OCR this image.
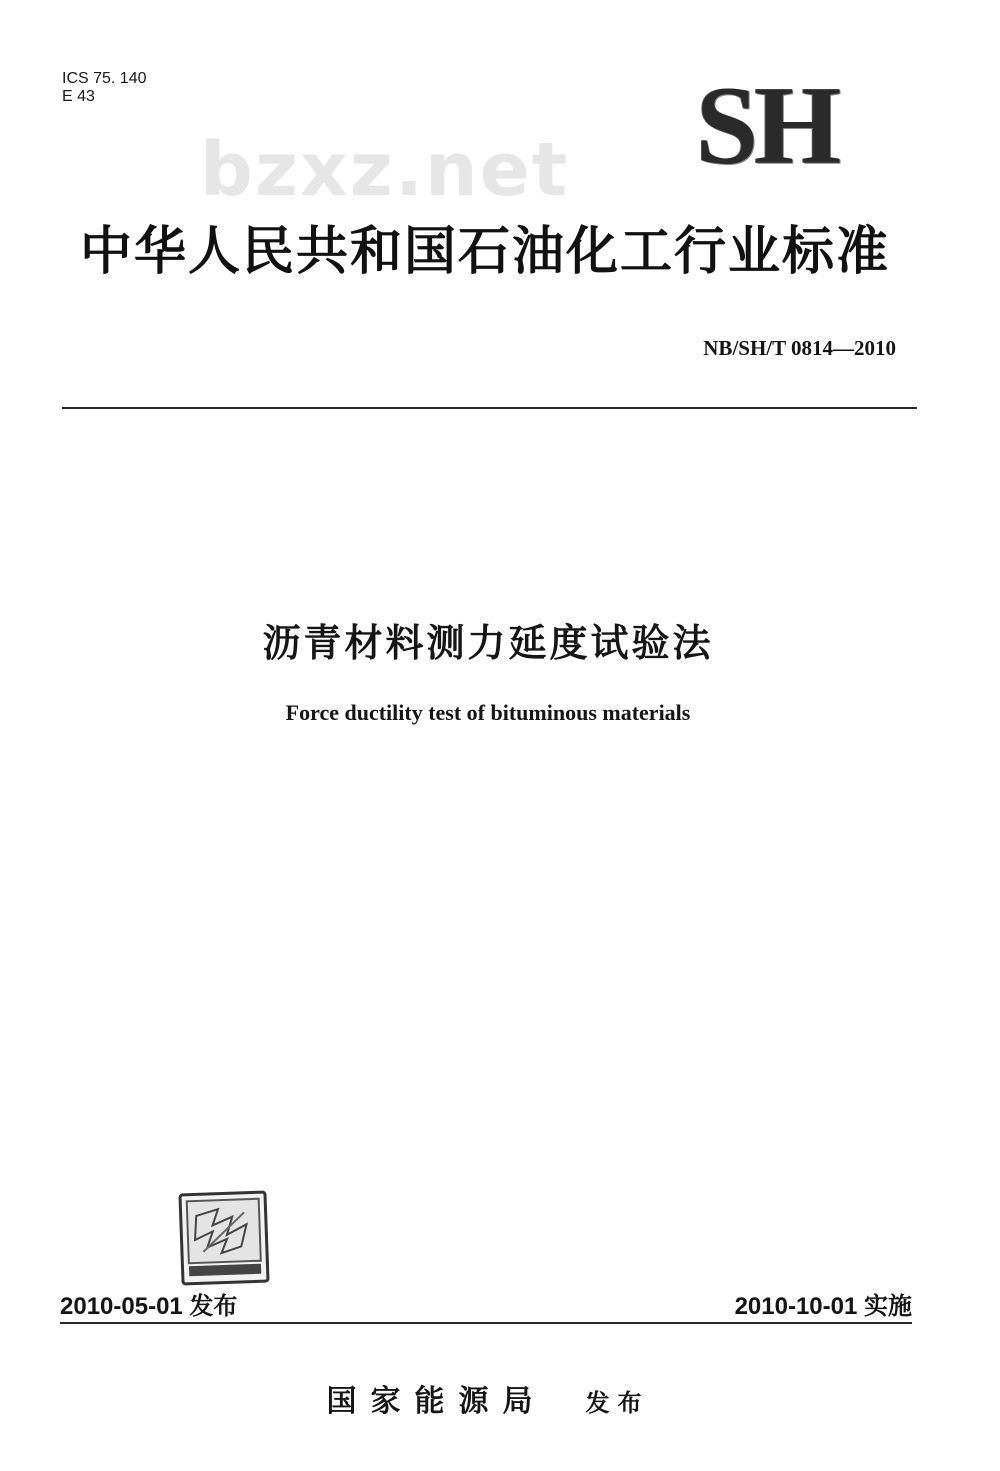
ICS 75. 140
E 43
bzxz.net SH
中华人民共和国石油化工行业标准
NB/SH/T 0814—2010
沥青材料测力延度试验法
Force ductility test of bituminous materials
2010-05-01 发布	2010-10-01 实施
国家能源局 发布
